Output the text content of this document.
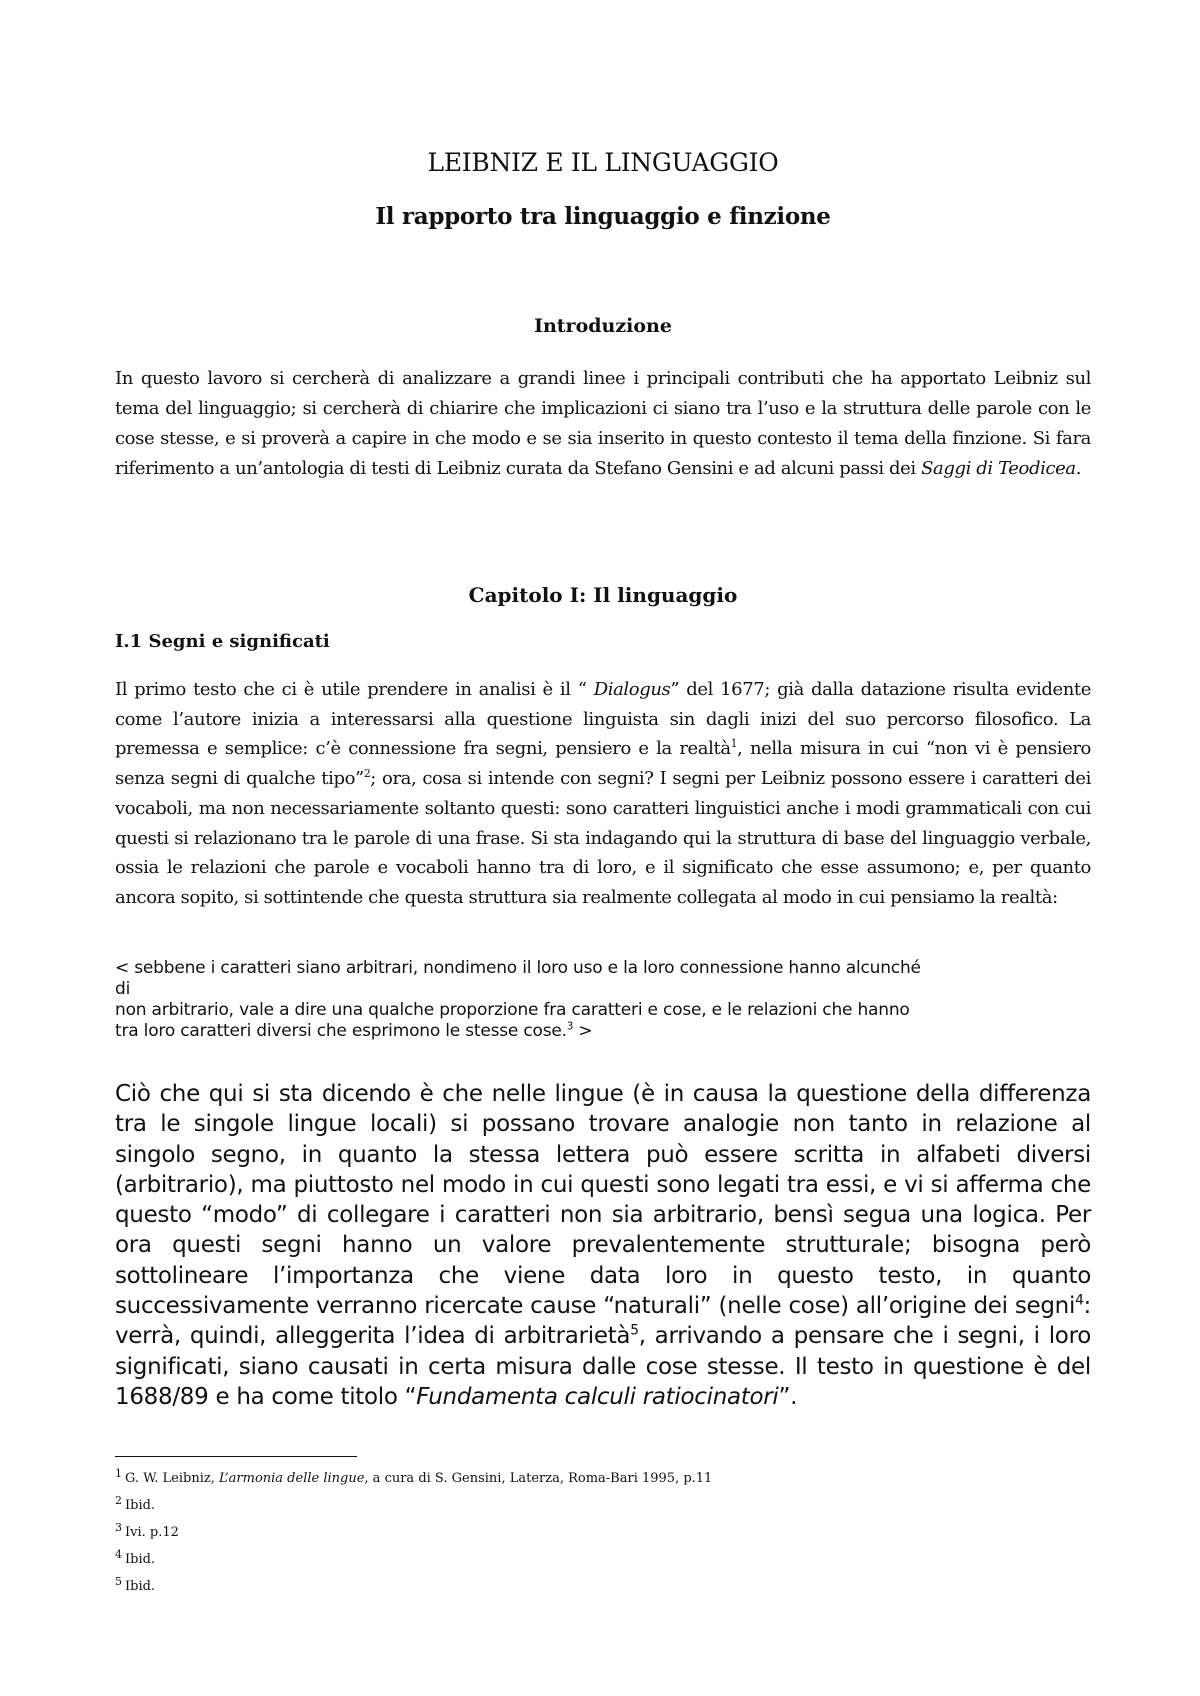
LEIBNIZ E IL LINGUAGGIO
Il rapporto tra linguaggio e finzione
Introduzione

In questo lavoro si cercherà di analizzare a grandi linee i principali contributi che ha apportato Leibniz sul tema del linguaggio; si cercherà di chiarire che implicazioni ci siano tra l’uso e la struttura delle parole con le cose stesse, e si proverà a capire in che modo e se sia inserito in questo contesto il tema della finzione. Si fara riferimento a un’antologia di testi di Leibniz curata da Stefano Gensini e ad alcuni passi dei Saggi di Teodicea.

Capitolo I: Il linguaggio
I.1 Segni e significati

Il primo testo che ci è utile prendere in analisi è il “ Dialogus” del 1677; già dalla datazione risulta evidente come l’autore inizia a interessarsi alla questione linguista sin dagli inizi del suo percorso filosofico. La premessa e semplice: c’è connessione fra segni, pensiero e la realtà$^1$, nella misura in cui “non vi è pensiero senza segni di qualche tipo”$^2$; ora, cosa si intende con segni? I segni per Leibniz possono essere i caratteri dei vocaboli, ma non necessariamente soltanto questi: sono caratteri linguistici anche i modi grammaticali con cui questi si relazionano tra le parole di una frase. Si sta indagando qui la struttura di base del linguaggio verbale, ossia le relazioni che parole e vocaboli hanno tra di loro, e il significato che esse assumono; e, per quanto ancora sopito, si sottintende che questa struttura sia realmente collegata al modo in cui pensiamo la realtà:

< sebbene i caratteri siano arbitrari, nondimeno il loro uso e la loro connessione hanno alcunché
di
non arbitrario, vale a dire una qualche proporzione fra caratteri e cose, e le relazioni che hanno
tra loro caratteri diversi che esprimono le stesse cose.$^3$ >

Ciò che qui si sta dicendo è che nelle lingue (è in causa la questione della differenza tra le singole lingue locali) si possano trovare analogie non tanto in relazione al singolo segno, in quanto la stessa lettera può essere scritta in alfabeti diversi (arbitrario), ma piuttosto nel modo in cui questi sono legati tra essi, e vi si afferma che questo “modo” di collegare i caratteri non sia arbitrario, bensì segua una logica. Per ora questi segni hanno un valore prevalentemente strutturale; bisogna però sottolineare l’importanza che viene data loro in questo testo, in quanto successivamente verranno ricercate cause “naturali” (nelle cose) all’origine dei segni$^4$: verrà, quindi, alleggerita l’idea di arbitrarietà$^5$, arrivando a pensare che i segni, i loro significati, siano causati in certa misura dalle cose stesse. Il testo in questione è del 1688/89 e ha come titolo “Fundamenta calculi ratiocinatori”.

$^1$ G. W. Leibniz, L’armonia delle lingue, a cura di S. Gensini, Laterza, Roma-Bari 1995, p.11
$^2$ Ibid.
$^3$ Ivi. p.12
$^4$ Ibid.
$^5$ Ibid.
